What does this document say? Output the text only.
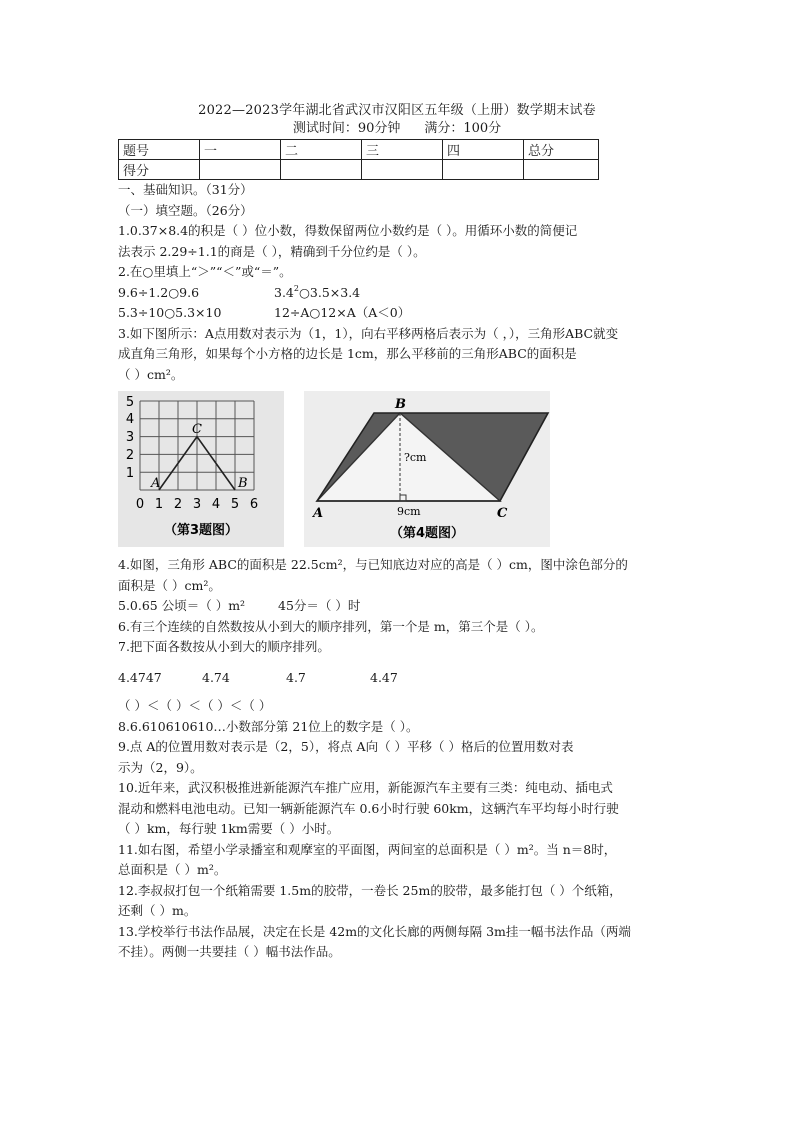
2022—2023学年湖北省武汉市汉阳区五年级（上册）数学期末试卷
测试时间：90分钟 满分：100分
题号	一	二	三	四	总分
得分					

一、基础知识。（31分）

（一）填空题。（26分）

1.0.37×8.4的积是（ ）位小数，得数保留两位小数约是（ ）。用循环小数的简便记

法表示 2.29÷1.1的商是（ ），精确到千分位约是（ ）。

2.在○里填上“＞”“＜”或“＝”。

9.6÷1.2○9.6	3.42○3.5×3.4
5.3÷10○5.3×10	12÷A○12×A（A＜0）

3.如下图所示：A点用数对表示为（1，1），向右平移两格后表示为（ ，），三角形ABC就变

成直角三角形，如果每个小方格的边长是 1cm，那么平移前的三角形ABC的面积是

（ ）cm²。

A	B
C
0 1 2 3 4 5 6
1
2
3
4
5
（第3题图）
B
A	C
?cm
9cm
（第4题图）

4.如图，三角形 ABC的面积是 22.5cm²，与已知底边对应的高是（ ）cm，图中涂色部分的

面积是（ ）cm²。

5.0.65 公顷＝（ ）m²	45分＝（ ）时

6.有三个连续的自然数按从小到大的顺序排列，第一个是 m，第三个是（ ）。

7.把下面各数按从小到大的顺序排列。

4.4747	4.74	4.7	4.47

（ ）＜（ ）＜（ ）＜（ ）

8.6.610610610…小数部分第 21位上的数字是（ ）。

9.点 A的位置用数对表示是（2，5），将点 A向（ ）平移（ ）格后的位置用数对表

示为（2，9）。

10.近年来，武汉积极推进新能源汽车推广应用，新能源汽车主要有三类：纯电动、插电式

混动和燃料电池电动。已知一辆新能源汽车 0.6小时行驶 60km，这辆汽车平均每小时行驶

（ ）km，每行驶 1km需要（ ）小时。

11.如右图，希望小学录播室和观摩室的平面图，两间室的总面积是（ ）m²。当 n＝8时，

总面积是（ ）m²。

12.李叔叔打包一个纸箱需要 1.5m的胶带，一卷长 25m的胶带，最多能打包（ ）个纸箱，

还剩（ ）m。

13.学校举行书法作品展，决定在长是 42m的文化长廊的两侧每隔 3m挂一幅书法作品（两端

不挂）。两侧一共要挂（ ）幅书法作品。
